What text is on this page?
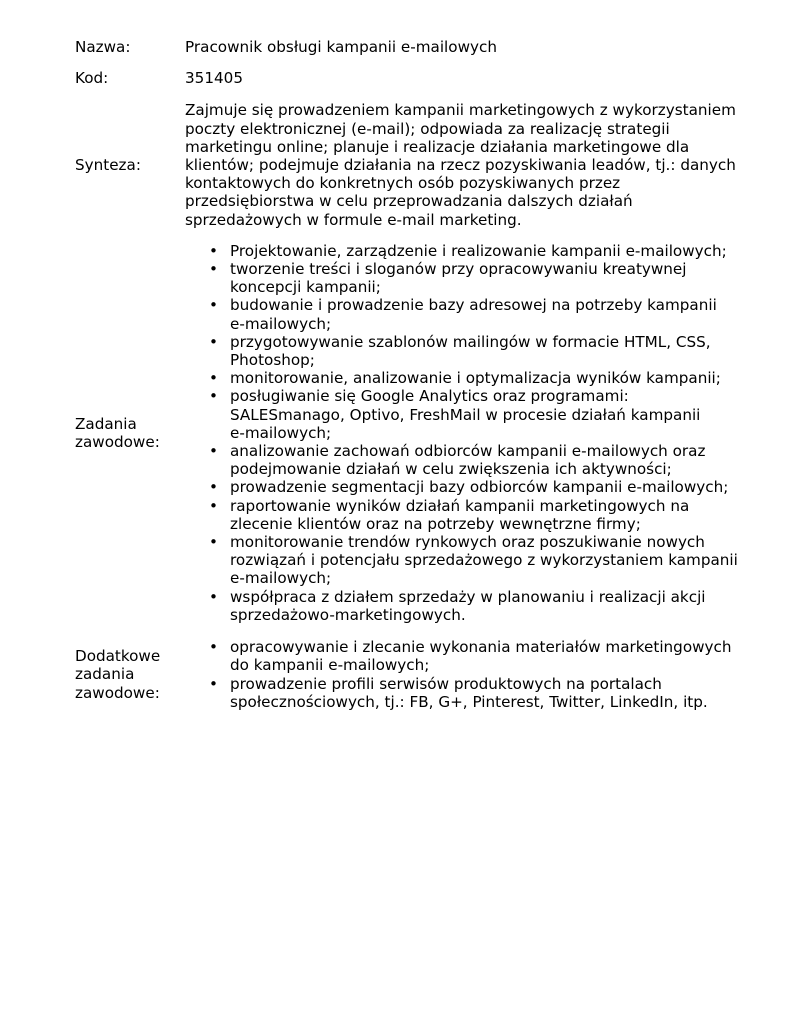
Nazwa:	Pracownik obsługi kampanii e-mailowych
Kod:	351405
Synteza:
Zajmuje się prowadzeniem kampanii marketingowych z wykorzystaniem
poczty elektronicznej (e-mail); odpowiada za realizację strategii
marketingu online; planuje i realizacje działania marketingowe dla
klientów; podejmuje działania na rzecz pozyskiwania leadów, tj.: danych
kontaktowych do konkretnych osób pozyskiwanych przez
przedsiębiorstwa w celu przeprowadzania dalszych działań
sprzedażowych w formule e-mail marketing.
Zadania
zawodowe:
• Projektowanie, zarządzenie i realizowanie kampanii e-mailowych;
• tworzenie treści i sloganów przy opracowywaniu kreatywnej
koncepcji kampanii;
• budowanie i prowadzenie bazy adresowej na potrzeby kampanii
e-mailowych;
• przygotowywanie szablonów mailingów w formacie HTML, CSS,
Photoshop;
• monitorowanie, analizowanie i optymalizacja wyników kampanii;
• posługiwanie się Google Analytics oraz programami:
SALESmanago, Optivo, FreshMail w procesie działań kampanii
e-mailowych;
• analizowanie zachowań odbiorców kampanii e-mailowych oraz
podejmowanie działań w celu zwiększenia ich aktywności;
• prowadzenie segmentacji bazy odbiorców kampanii e-mailowych;
• raportowanie wyników działań kampanii marketingowych na
zlecenie klientów oraz na potrzeby wewnętrzne firmy;
• monitorowanie trendów rynkowych oraz poszukiwanie nowych
rozwiązań i potencjału sprzedażowego z wykorzystaniem kampanii
e-mailowych;
• współpraca z działem sprzedaży w planowaniu i realizacji akcji
sprzedażowo-marketingowych.
Dodatkowe
zadania
zawodowe:
• opracowywanie i zlecanie wykonania materiałów marketingowych
do kampanii e-mailowych;
• prowadzenie profili serwisów produktowych na portalach
społecznościowych, tj.: FB, G+, Pinterest, Twitter, LinkedIn, itp.
